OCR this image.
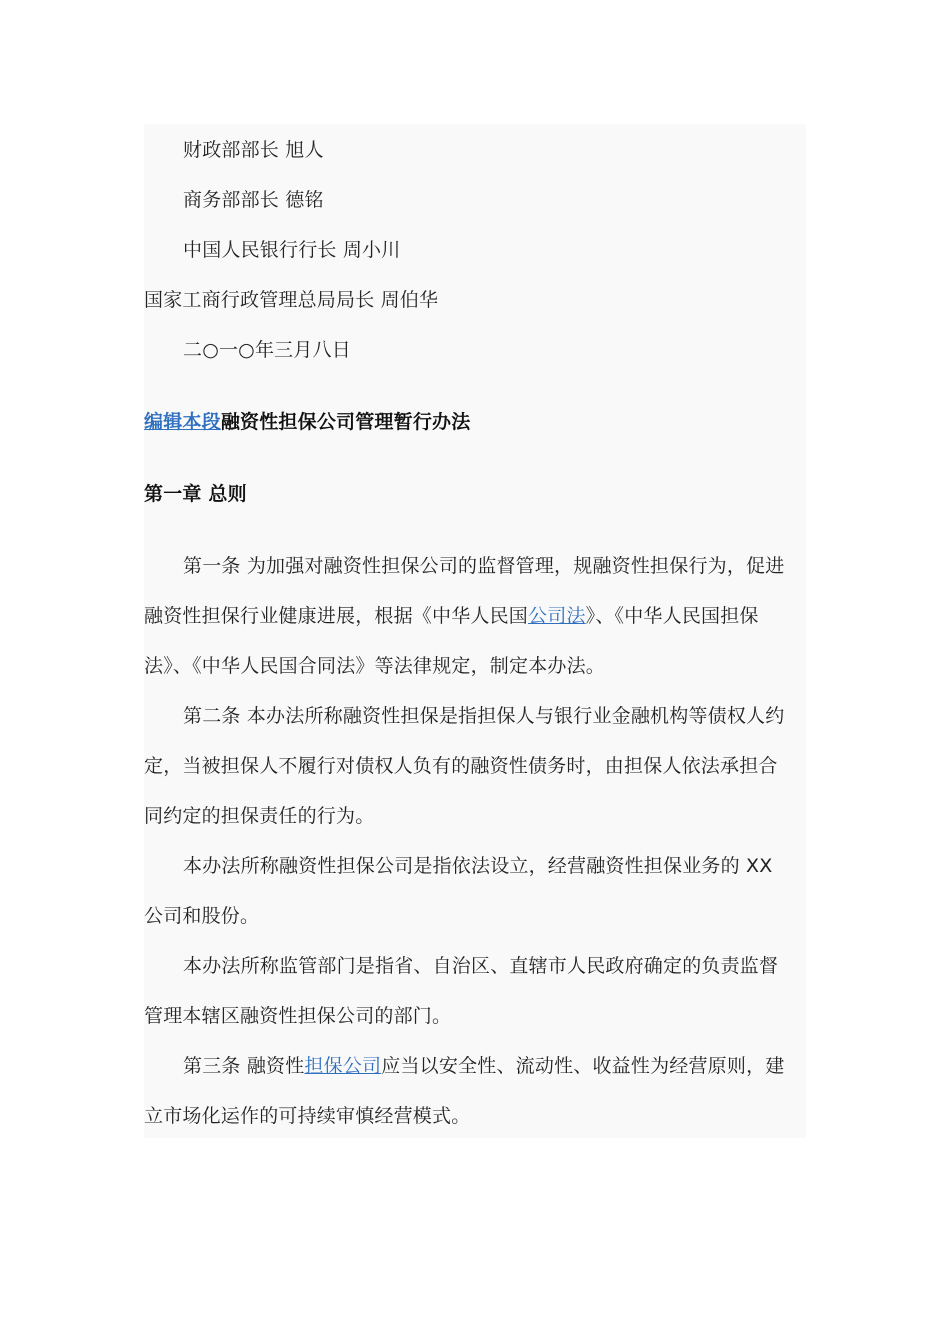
财政部部长 旭人
商务部部长 德铭
中国人民银行行长 周小川
国家工商行政管理总局局长 周伯华
二○一○年三月八日
编辑本段融资性担保公司管理暂行办法
第一章 总则
第一条 为加强对融资性担保公司的监督管理，规融资性担保行为，促进
融资性担保行业健康进展，根据《中华人民国公司法》、《中华人民国担保
法》、《中华人民国合同法》等法律规定，制定本办法。
第二条 本办法所称融资性担保是指担保人与银行业金融机构等债权人约
定，当被担保人不履行对债权人负有的融资性债务时，由担保人依法承担合
同约定的担保责任的行为。
本办法所称融资性担保公司是指依法设立，经营融资性担保业务的 XX
公司和股份。
本办法所称监管部门是指省、自治区、直辖市人民政府确定的负责监督
管理本辖区融资性担保公司的部门。
第三条 融资性担保公司应当以安全性、流动性、收益性为经营原则，建
立市场化运作的可持续审慎经营模式。
